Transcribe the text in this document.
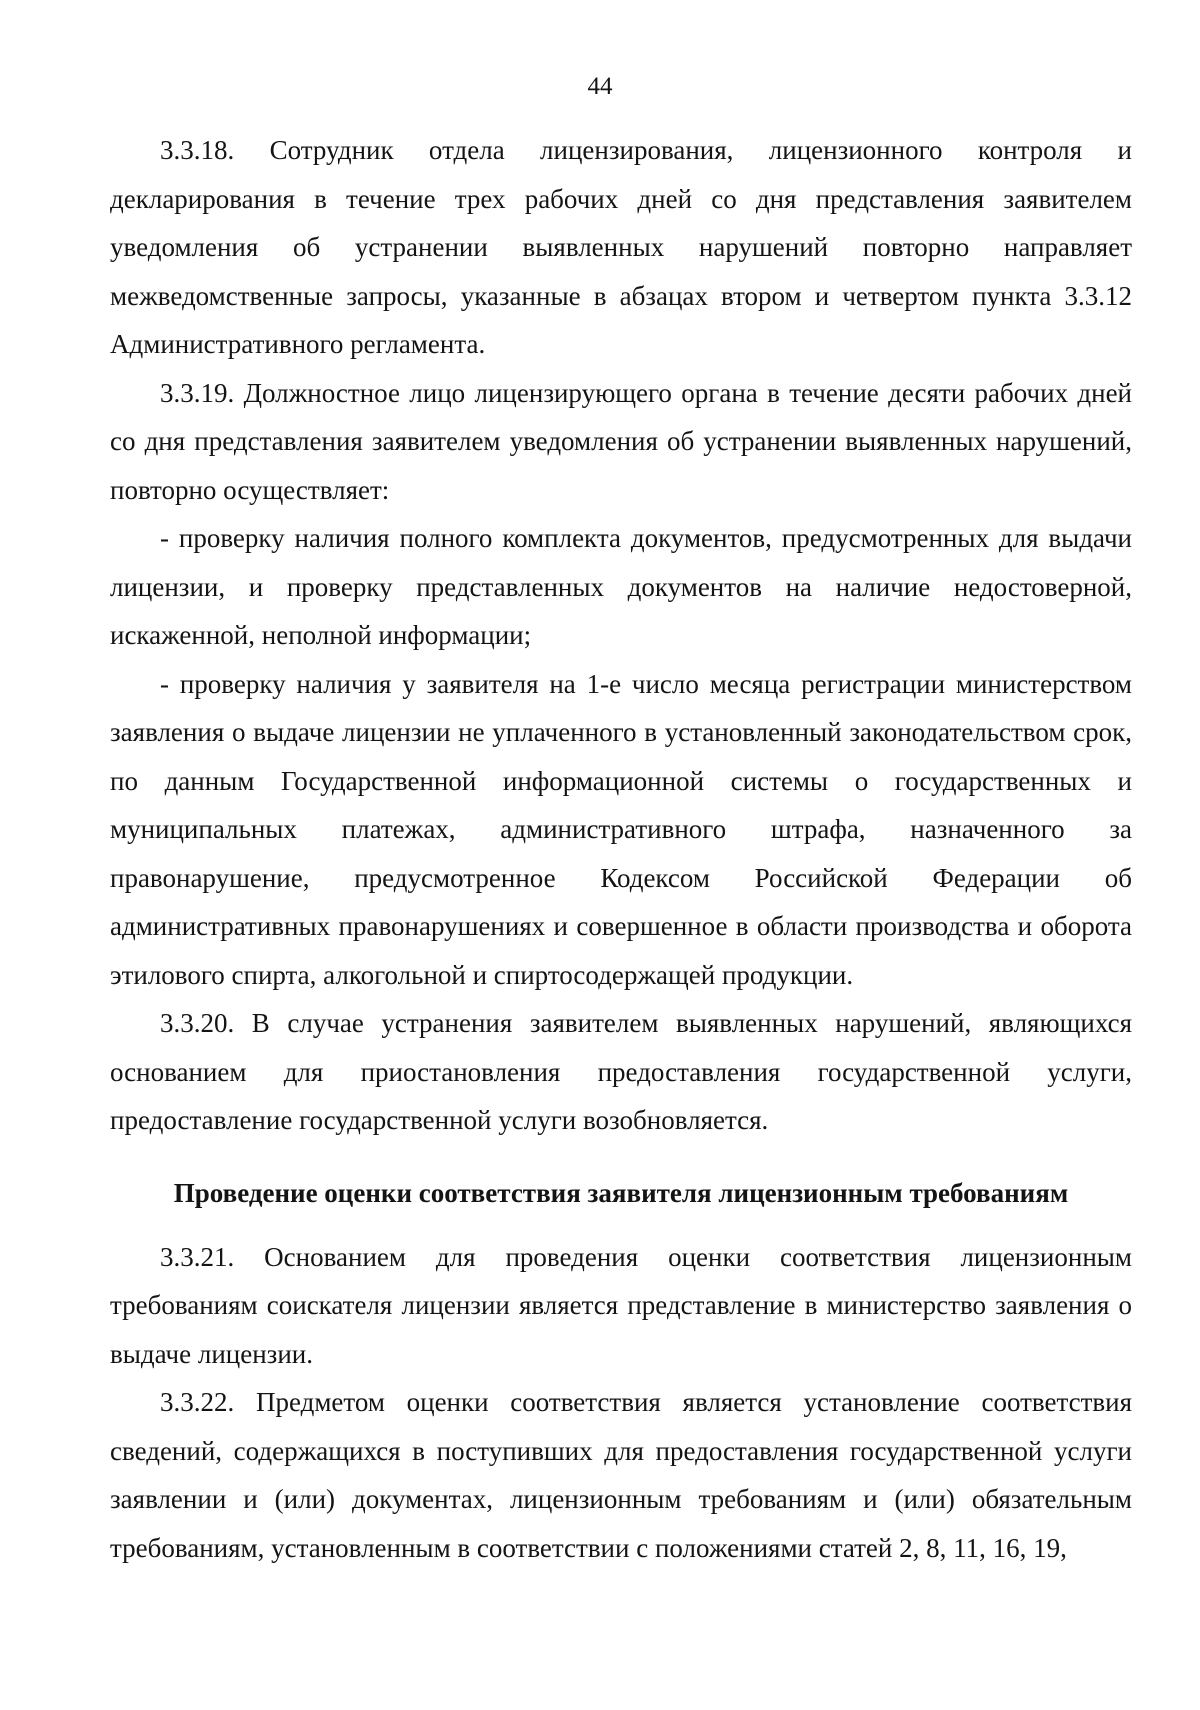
44

3.3.18. Сотрудник отдела лицензирования, лицензионного контроля и декларирования в течение трех рабочих дней со дня представления заявителем уведомления об устранении выявленных нарушений повторно направляет межведомственные запросы, указанные в абзацах втором и четвертом пункта 3.3.12 Административного регламента.

3.3.19. Должностное лицо лицензирующего органа в течение десяти рабочих дней со дня представления заявителем уведомления об устранении выявленных нарушений, повторно осуществляет:

- проверку наличия полного комплекта документов, предусмотренных для выдачи лицензии, и проверку представленных документов на наличие недостоверной, искаженной, неполной информации;

- проверку наличия у заявителя на 1-е число месяца регистрации министерством заявления о выдаче лицензии не уплаченного в установленный законодательством срок, по данным Государственной информационной системы о государственных и муниципальных платежах, административного штрафа, назначенного за правонарушение, предусмотренное Кодексом Российской Федерации об административных правонарушениях и совершенное в области производства и оборота этилового спирта, алкогольной и спиртосодержащей продукции.

3.3.20. В случае устранения заявителем выявленных нарушений, являющихся основанием для приостановления предоставления государственной услуги, предоставление государственной услуги возобновляется.

Проведение оценки соответствия заявителя лицензионным требованиям

3.3.21. Основанием для проведения оценки соответствия лицензионным требованиям соискателя лицензии является представление в министерство заявления о выдаче лицензии.

3.3.22. Предметом оценки соответствия является установление соответствия сведений, содержащихся в поступивших для предоставления государственной услуги заявлении и (или) документах, лицензионным требованиям и (или) обязательным требованиям, установленным в соответствии с положениями статей 2, 8, 11, 16, 19,
